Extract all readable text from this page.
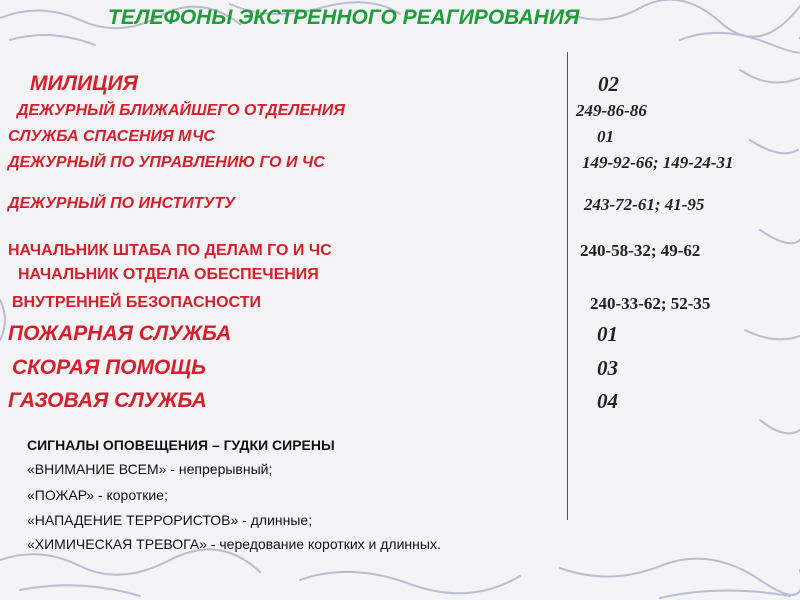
ТЕЛЕФОНЫ ЭКСТРЕННОГО РЕАГИРОВАНИЯ
МИЛИЦИЯ	02
ДЕЖУРНЫЙ БЛИЖАЙШЕГО ОТДЕЛЕНИЯ	249-86-86
СЛУЖБА СПАСЕНИЯ МЧС	01
ДЕЖУРНЫЙ ПО УПРАВЛЕНИЮ ГО И ЧС	149-92-66; 149-24-31
ДЕЖУРНЫЙ ПО ИНСТИТУТУ	243-72-61; 41-95
НАЧАЛЬНИК ШТАБА ПО ДЕЛАМ ГО И ЧС	240-58-32; 49-62
НАЧАЛЬНИК ОТДЕЛА ОБЕСПЕЧЕНИЯ
ВНУТРЕННЕЙ БЕЗОПАСНОСТИ	240-33-62; 52-35
ПОЖАРНАЯ СЛУЖБА	01
СКОРАЯ ПОМОЩЬ	03
ГАЗОВАЯ СЛУЖБА	04
СИГНАЛЫ ОПОВЕЩЕНИЯ – ГУДКИ СИРЕНЫ
«ВНИМАНИЕ ВСЕМ» - непрерывный;
«ПОЖАР» - короткие;
«НАПАДЕНИЕ ТЕРРОРИСТОВ» - длинные;
«ХИМИЧЕСКАЯ ТРЕВОГА» - чередование коротких и длинных.
